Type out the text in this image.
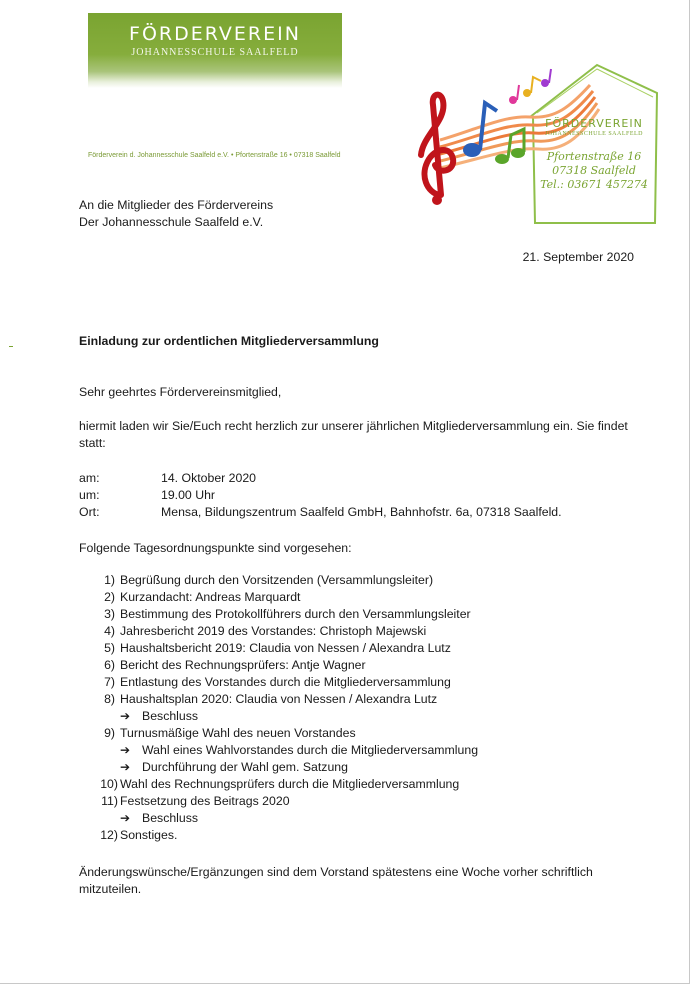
FÖRDERVEREIN
JOHANNESSCHULE SAALFELD
Förderverein d. Johannesschule Saalfeld e.V. • Pfortenstraße 16 • 07318 Saalfeld
FÖRDERVEREIN
JOHANNESSCHULE SAALFELD
Pfortenstraße 16
07318 Saalfeld
Tel.: 03671 457274
An die Mitglieder des Fördervereins
Der Johannesschule Saalfeld e.V.
21. September 2020
Einladung zur ordentlichen Mitgliederversammlung
Sehr geehrtes Fördervereinsmitglied,
hiermit laden wir Sie/Euch recht herzlich zur unserer jährlichen Mitgliederversammlung ein. Sie findet statt:
am:	14. Oktober 2020
um:	19.00 Uhr
Ort:	Mensa, Bildungszentrum Saalfeld GmbH, Bahnhofstr. 6a, 07318 Saalfeld.
Folgende Tagesordnungspunkte sind vorgesehen:
1) Begrüßung durch den Vorsitzenden (Versammlungsleiter)
2) Kurzandacht: Andreas Marquardt
3) Bestimmung des Protokollführers durch den Versammlungsleiter
4) Jahresbericht 2019 des Vorstandes: Christoph Majewski
5) Haushaltsbericht 2019: Claudia von Nessen / Alexandra Lutz
6) Bericht des Rechnungsprüfers: Antje Wagner
7) Entlastung des Vorstandes durch die Mitgliederversammlung
8) Haushaltsplan 2020: Claudia von Nessen / Alexandra Lutz
➔ Beschluss
9) Turnusmäßige Wahl des neuen Vorstandes
➔ Wahl eines Wahlvorstandes durch die Mitgliederversammlung
➔ Durchführung der Wahl gem. Satzung
10) Wahl des Rechnungsprüfers durch die Mitgliederversammlung
11) Festsetzung des Beitrags 2020
➔ Beschluss
12) Sonstiges.
Änderungswünsche/Ergänzungen sind dem Vorstand spätestens eine Woche vorher schriftlich mitzuteilen.
